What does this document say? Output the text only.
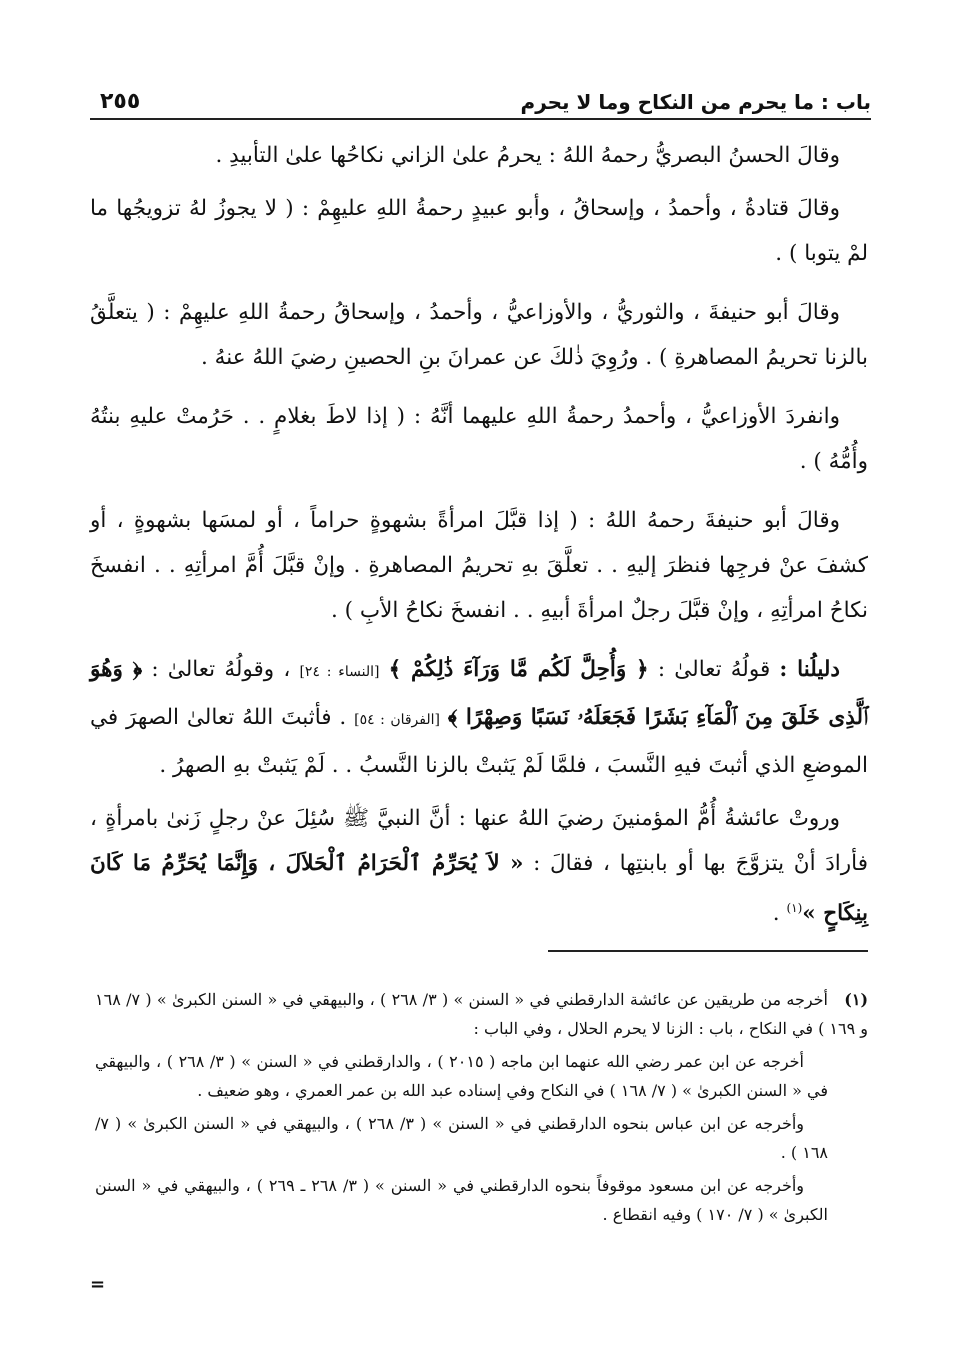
باب : ما يحرم من النكاح وما لا يحرم
٢٥٥

وقالَ الحسنُ البصريُّ رحمهُ اللهُ : يحرمُ علىٰ الزاني نكاحُها علىٰ التأبيدِ .

وقالَ قتادةُ ، وأحمدُ ، وإسحاقُ ، وأبو عبيدٍ رحمةُ اللهِ عليهِمْ : ( لا يجوزُ لهُ تزويجُها ما لمْ يتوبا ) .

وقالَ أبو حنيفةَ ، والثوريُّ ، والأوزاعيُّ ، وأحمدُ ، وإسحاقُ رحمةُ اللهِ عليهِمْ : ( يتعلَّقُ بالزنا تحريمُ المصاهرةِ ) . ورُوِيَ ذٰلكَ عن عمرانَ بنِ الحصينِ رضيَ اللهُ عنهُ .

وانفردَ الأوزاعيُّ ، وأحمدُ رحمةُ اللهِ عليهما أنَّهُ : ( إذا لاطَ بغلامٍ . . حَرُمتْ عليهِ بنتُهُ وأُمُّهُ ) .

وقالَ أبو حنيفةَ رحمهُ اللهُ : ( إذا قبَّلَ امرأةً بشهوةٍ حراماً ، أو لمسَها بشهوةٍ ، أو كشفَ عنْ فرجِها فنظرَ إليهِ . . تعلَّقَ بهِ تحريمُ المصاهرةِ . وإنْ قبَّلَ أُمَّ امرأتِهِ . . انفسخَ نكاحُ امرأتِهِ ، وإنْ قبَّلَ رجلٌ امرأةَ أبيهِ . . انفسخَ نكاحُ الأبِ ) .

دليلُنا : قولُهُ تعالىٰ : ﴿ وَأُحِلَّ لَكُم مَّا وَرَآءَ ذَٰلِكُمْ ﴾ [النساء : ٢٤] ، وقولُهُ تعالىٰ : ﴿ وَهُوَ ٱلَّذِى خَلَقَ مِنَ ٱلْمَآءِ بَشَرًا فَجَعَلَهُۥ نَسَبًا وَصِهْرًا ﴾ [الفرقان : ٥٤] . فأثبتَ اللهُ تعالىٰ الصهرَ في الموضعِ الذي أثبتَ فيهِ النَّسبَ ، فلمَّا لَمْ يَثبتْ بالزنا النَّسبُ . . لَمْ يَثبتْ بهِ الصهرُ .

وروتْ عائشةُ أُمُّ المؤمنينَ رضيَ اللهُ عنها : أنَّ النبيَّ ﷺ سُئِلَ عنْ رجلٍ زَنىٰ بامرأةٍ ، فأرادَ أنْ يتزوَّجَ بها أو بابنتِها ، فقالَ : « لاَ يُحَرِّمُ ٱلْحَرَامُ ٱلْحَلاَلَ ، وَإِنَّمَا يُحَرِّمُ مَا كَانَ بِنِكَاحٍ »$^{(١)}$ .

(١)أخرجه من طريقين عن عائشة الدارقطني في « السنن » ( ٣/ ٢٦٨ ) ، والبيهقي في « السنن الكبرىٰ » ( ٧/ ١٦٨ و ١٦٩ ) في النكاح ، باب : الزنا لا يحرم الحلال ، وفي الباب :

أخرجه عن ابن عمر رضي الله عنهما ابن ماجه ( ٢٠١٥ ) ، والدارقطني في « السنن » ( ٣/ ٢٦٨ ) ، والبيهقي في « السنن الكبرىٰ » ( ٧/ ١٦٨ ) في النكاح وفي إسناده عبد الله بن عمر العمري ، وهو ضعيف .

وأخرجه عن ابن عباس بنحوه الدارقطني في « السنن » ( ٣/ ٢٦٨ ) ، والبيهقي في « السنن الكبرىٰ » ( ٧/ ١٦٨ ) .

وأخرجه عن ابن مسعود موقوفاً بنحوه الدارقطني في « السنن » ( ٣/ ٢٦٨ ـ ٢٦٩ ) ، والبيهقي في « السنن الكبرىٰ » ( ٧/ ١٧٠ ) وفيه انقطاع .

=
